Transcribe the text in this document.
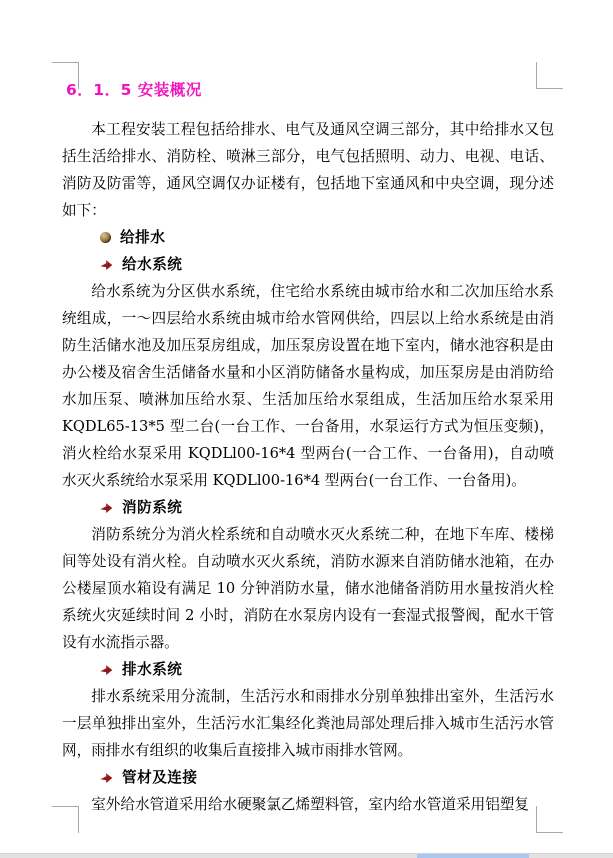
6．1．5 安装概况

本工程安装工程包括给排水、电气及通风空调三部分，其中给排水又包括生活给排水、消防栓、喷淋三部分，电气包括照明、动力、电视、电话、消防及防雷等，通风空调仅办证楼有，包括地下室通风和中央空调，现分述如下：

给排水
给水系统

给水系统为分区供水系统，住宅给水系统由城市给水和二次加压给水系统组成，一～四层给水系统由城市给水管网供给，四层以上给水系统是由消防生活储水池及加压泵房组成，加压泵房设置在地下室内，储水池容积是由办公楼及宿舍生活储备水量和小区消防储备水量构成，加压泵房是由消防给水加压泵、喷淋加压给水泵、生活加压给水泵组成，生活加压给水泵采用 KQDL65-13*5 型二台(一台工作、一台备用，水泵运行方式为恒压变频)，消火栓给水泵采用 KQDLl00-16*4 型两台(一合工作、一台备用)，自动喷水灭火系统给水泵采用 KQDLl00-16*4 型两台(一台工作、一台备用)。

消防系统

消防系统分为消火栓系统和自动喷水灭火系统二种，在地下车库、楼梯间等处设有消火栓。自动喷水灭火系统，消防水源来自消防储水池箱，在办公楼屋顶水箱设有满足 10 分钟消防水量，储水池储备消防用水量按消火栓系统火灾延续时间 2 小时，消防在水泵房内设有一套湿式报警阀，配水干管设有水流指示器。

排水系统

排水系统采用分流制，生活污水和雨排水分别单独排出室外，生活污水一层单独排出室外，生活污水汇集经化粪池局部处理后排入城市生活污水管网，雨排水有组织的收集后直接排入城市雨排水管网。

管材及连接

室外给水管道采用给水硬聚氯乙烯塑料管，室内给水管道采用铝塑复
